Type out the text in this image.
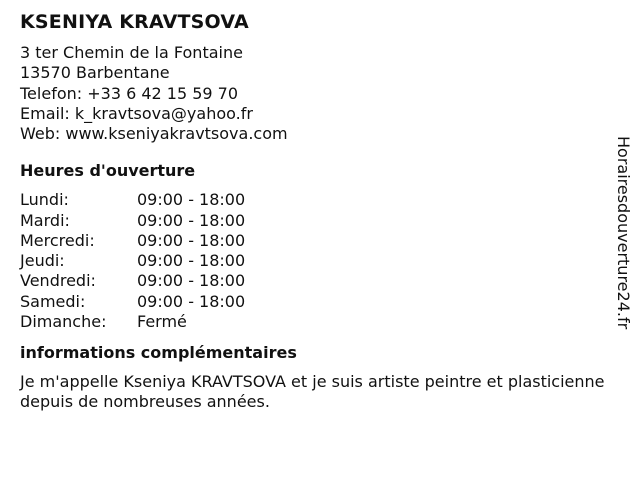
KSENIYA KRAVTSOVA
3 ter Chemin de la Fontaine
13570 Barbentane
Telefon: +33 6 42 15 59 70
Email: k_kravtsova@yahoo.fr
Web: www.kseniyakravtsova.com
Heures d'ouverture
Lundi:	09:00 - 18:00
Mardi:	09:00 - 18:00
Mercredi:	09:00 - 18:00
Jeudi:	09:00 - 18:00
Vendredi:	09:00 - 18:00
Samedi:	09:00 - 18:00
Dimanche:	Fermé
informations complémentaires
Je m'appelle Kseniya KRAVTSOVA et je suis artiste peintre et plasticienne depuis de nombreuses années.
Horairesdouverture24.fr
